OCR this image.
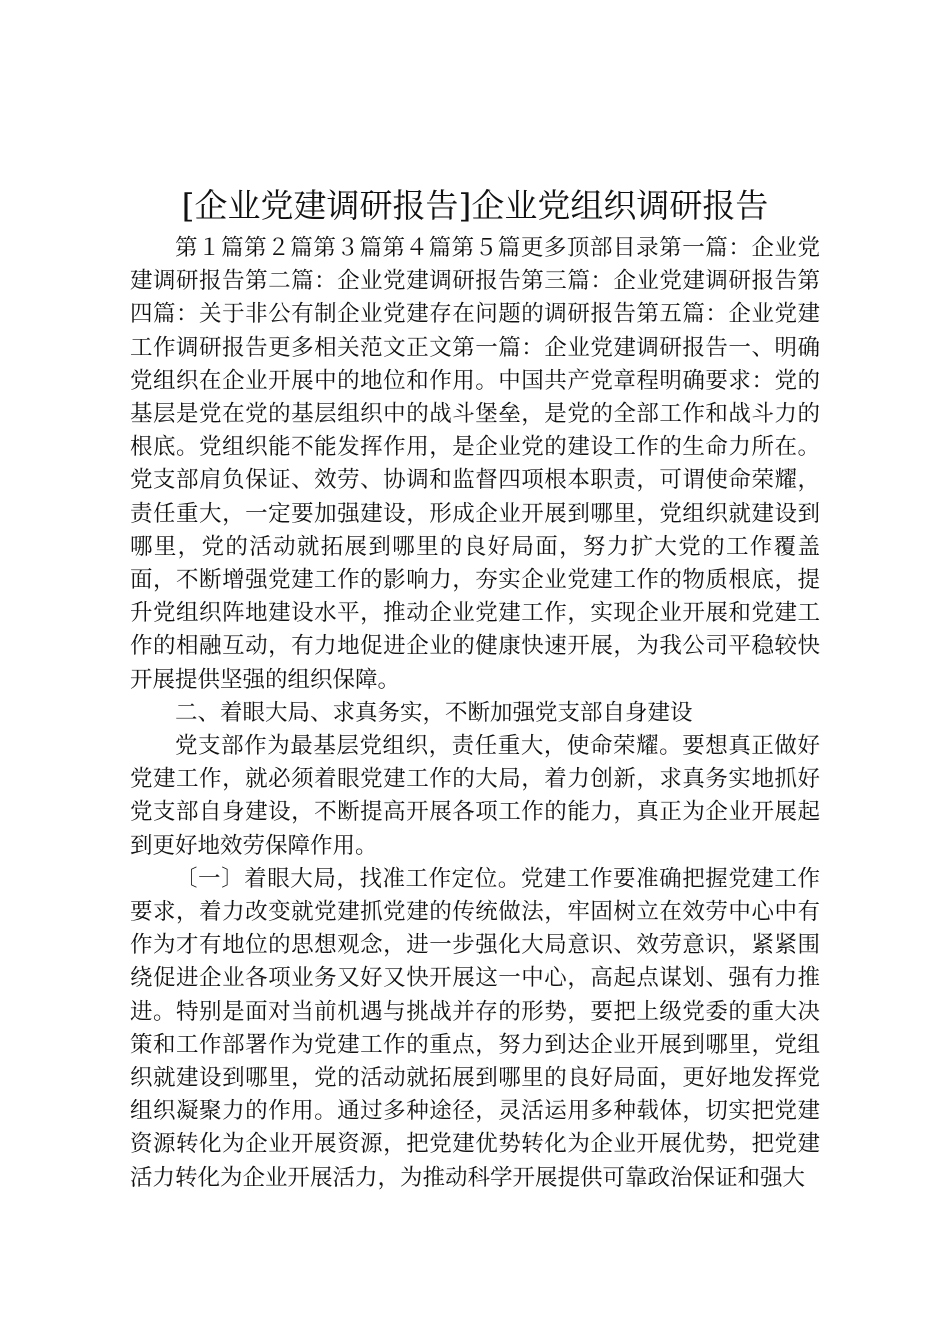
[企业党建调研报告]企业党组织调研报告

第１篇第２篇第３篇第４篇第５篇更多顶部目录第一篇：企业党建调研报告第二篇：企业党建调研报告第三篇：企业党建调研报告第四篇：关于非公有制企业党建存在问题的调研报告第五篇：企业党建工作调研报告更多相关范文正文第一篇：企业党建调研报告一、明确党组织在企业开展中的地位和作用。中国共产党章程明确要求：党的基层是党在党的基层组织中的战斗堡垒，是党的全部工作和战斗力的根底。党组织能不能发挥作用，是企业党的建设工作的生命力所在。党支部肩负保证、效劳、协调和监督四项根本职责，可谓使命荣耀，责任重大，一定要加强建设，形成企业开展到哪里，党组织就建设到哪里，党的活动就拓展到哪里的良好局面，努力扩大党的工作覆盖面，不断增强党建工作的影响力，夯实企业党建工作的物质根底，提升党组织阵地建设水平，推动企业党建工作，实现企业开展和党建工作的相融互动，有力地促进企业的健康快速开展，为我公司平稳较快开展提供坚强的组织保障。

二、着眼大局、求真务实，不断加强党支部自身建设

党支部作为最基层党组织，责任重大，使命荣耀。要想真正做好党建工作，就必须着眼党建工作的大局，着力创新，求真务实地抓好党支部自身建设，不断提高开展各项工作的能力，真正为企业开展起到更好地效劳保障作用。

〔一〕着眼大局，找准工作定位。党建工作要准确把握党建工作要求，着力改变就党建抓党建的传统做法，牢固树立在效劳中心中有作为才有地位的思想观念，进一步强化大局意识、效劳意识，紧紧围绕促进企业各项业务又好又快开展这一中心，高起点谋划、强有力推进。特别是面对当前机遇与挑战并存的形势，要把上级党委的重大决策和工作部署作为党建工作的重点，努力到达企业开展到哪里，党组织就建设到哪里，党的活动就拓展到哪里的良好局面，更好地发挥党组织凝聚力的作用。通过多种途径，灵活运用多种载体，切实把党建资源转化为企业开展资源，把党建优势转化为企业开展优势，把党建活力转化为企业开展活力，为推动科学开展提供可靠政治保证和强大
